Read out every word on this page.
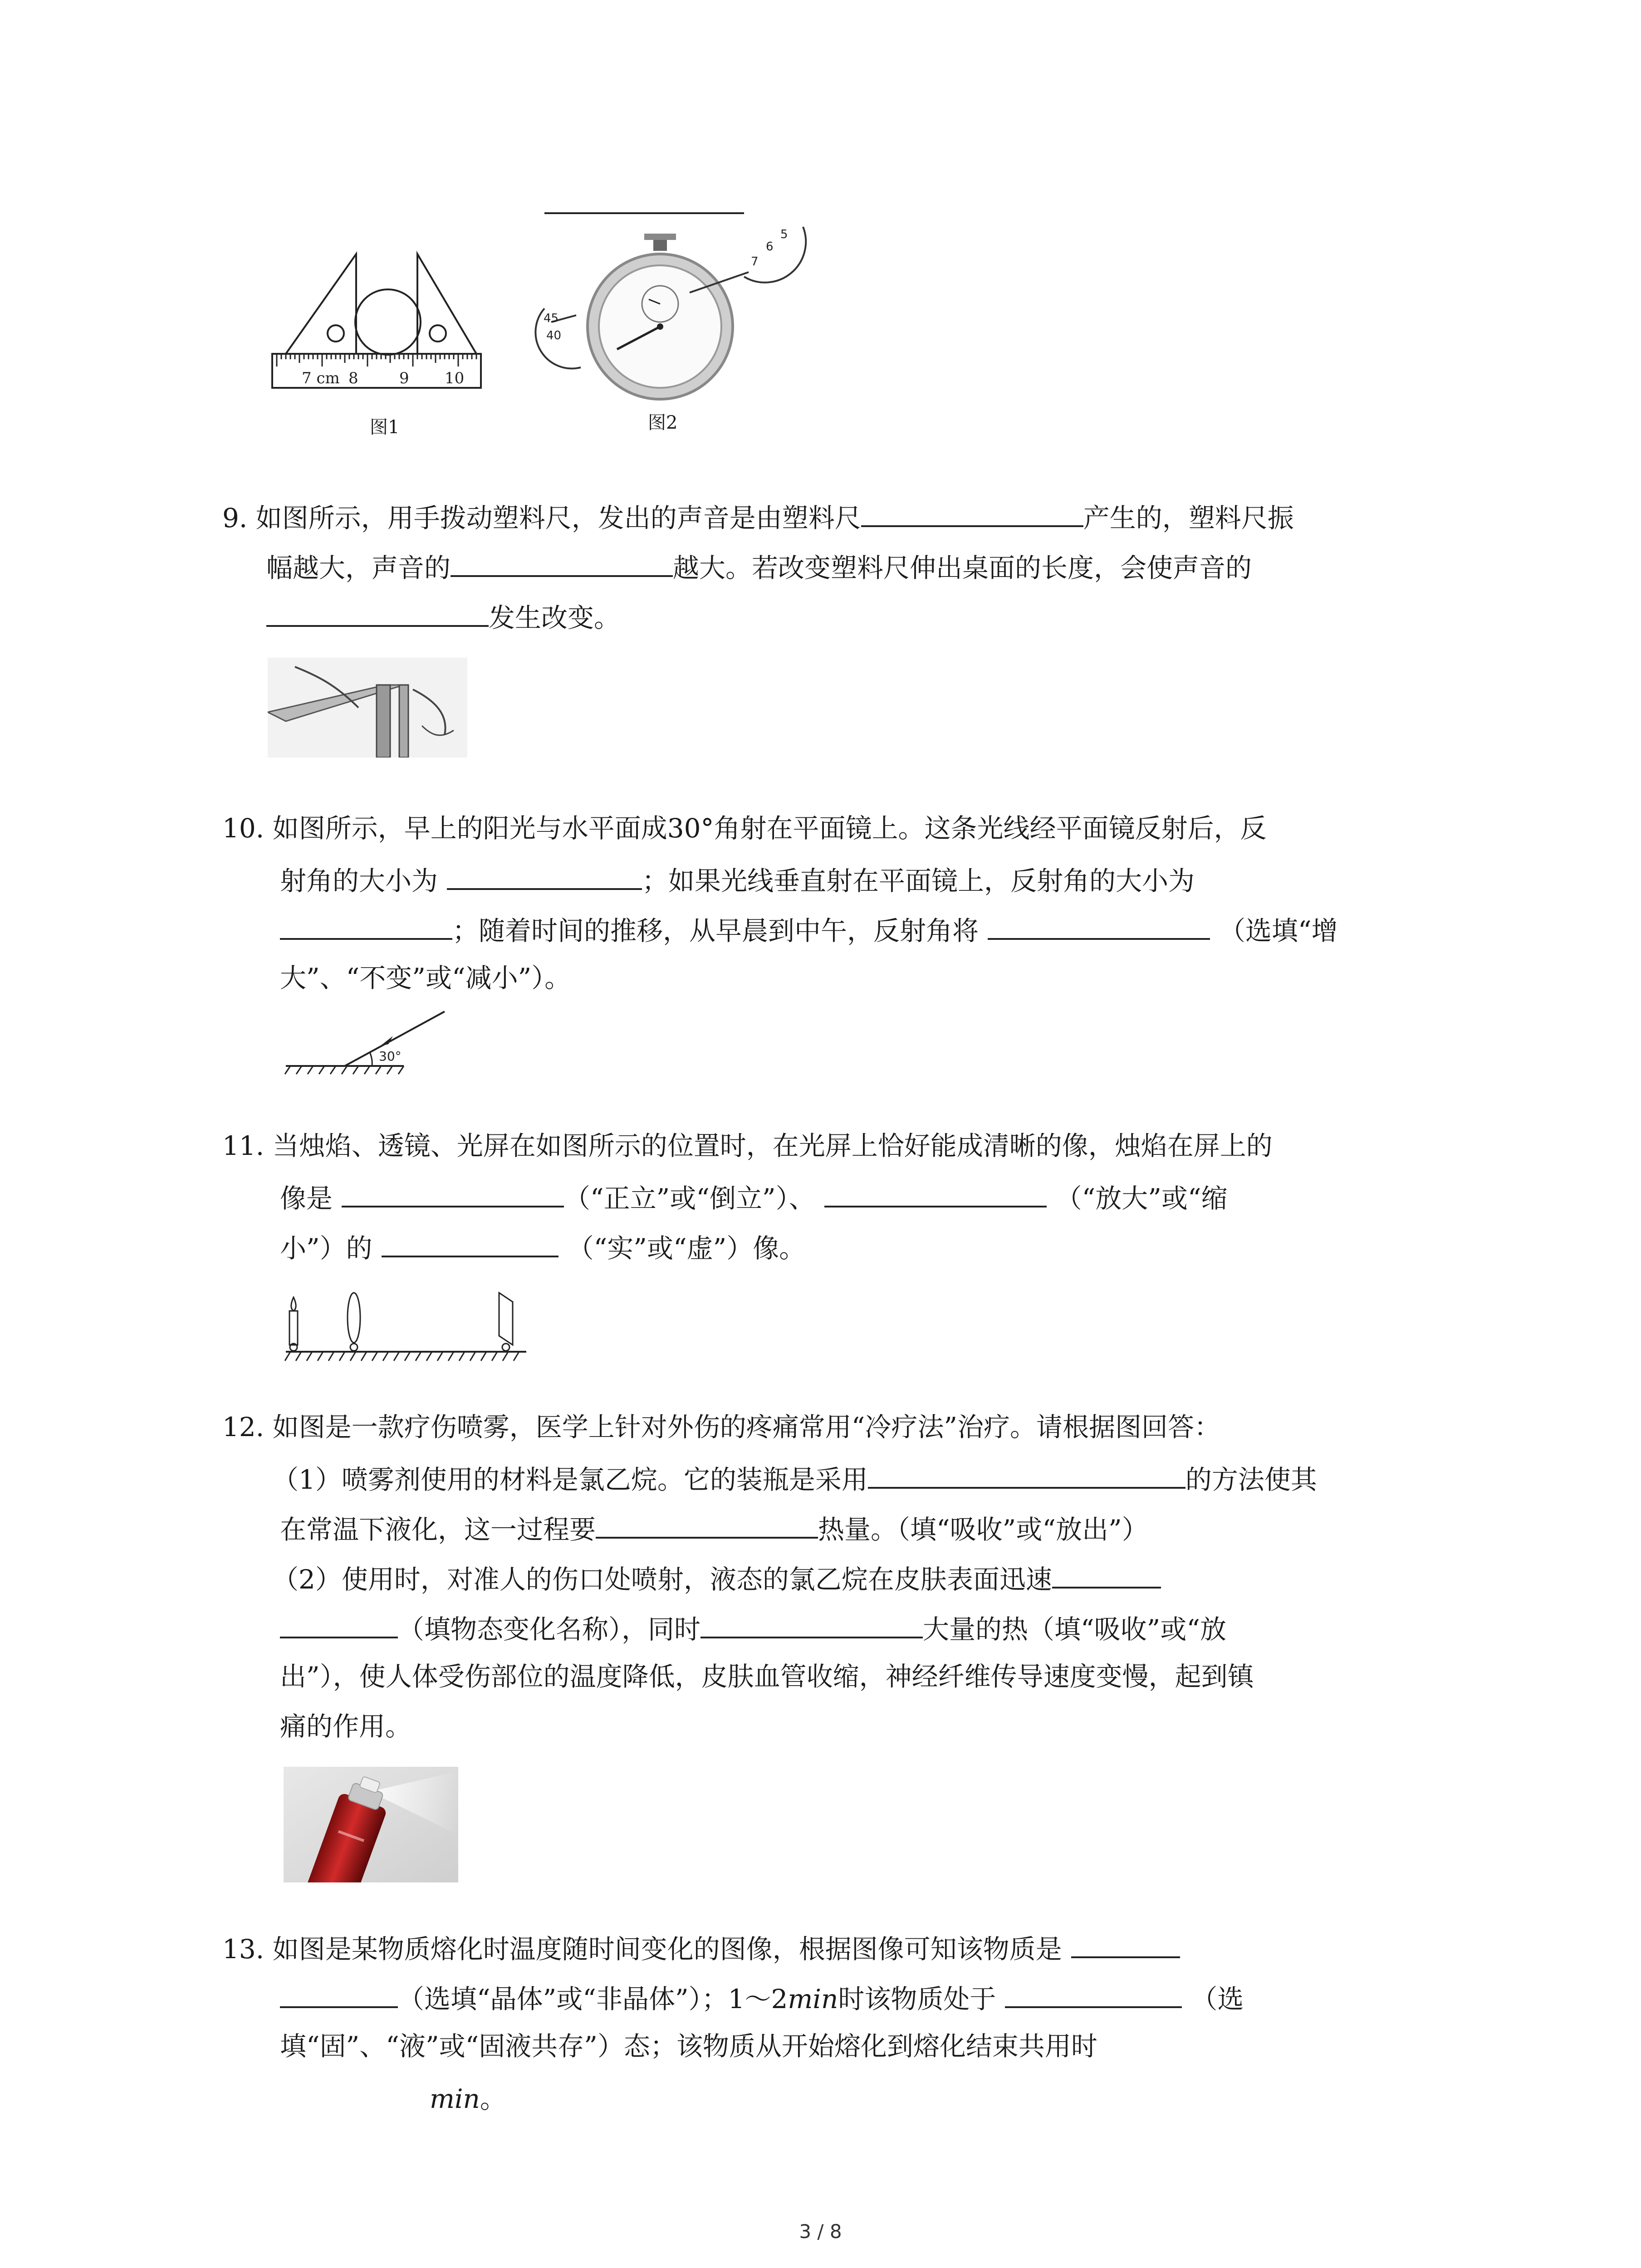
7 cm 8	9 10
图1
45
40
7
6
5
图2
9. 如图所示，用手拨动塑料尺，发出的声音是由塑料尺	产生的，塑料尺振
幅越大，声音的	越大。若改变塑料尺伸出桌面的长度，会使声音的
发生改变。
10. 如图所示，早上的阳光与水平面成30°角射在平面镜上。这条光线经平面镜反射后，反
射角的大小为	；如果光线垂直射在平面镜上，反射角的大小为
；随着时间的推移，从早晨到中午，反射角将	（选填“增
大”、“不变”或“减小”）。
30°
11. 当烛焰、透镜、光屏在如图所示的位置时，在光屏上恰好能成清晰的像，烛焰在屏上的
像是	（“正立”或“倒立”）、	（“放大”或“缩
小”）的	（“实”或“虚”）像。
12. 如图是一款疗伤喷雾，医学上针对外伤的疼痛常用“冷疗法”治疗。请根据图回答：
（1）喷雾剂使用的材料是氯乙烷。它的装瓶是采用	的方法使其
在常温下液化，这一过程要	热量。（填“吸收”或“放出”）
（2）使用时，对准人的伤口处喷射，液态的氯乙烷在皮肤表面迅速
（填物态变化名称），同时	大量的热（填“吸收”或“放
出”），使人体受伤部位的温度降低，皮肤血管收缩，神经纤维传导速度变慢，起到镇
痛的作用。
13. 如图是某物质熔化时温度随时间变化的图像，根据图像可知该物质是
（选填“晶体”或“非晶体”）；1～2min时该物质处于	（选
填“固”、“液”或“固液共存”）态；该物质从开始熔化到熔化结束共用时
min。
3 / 8
